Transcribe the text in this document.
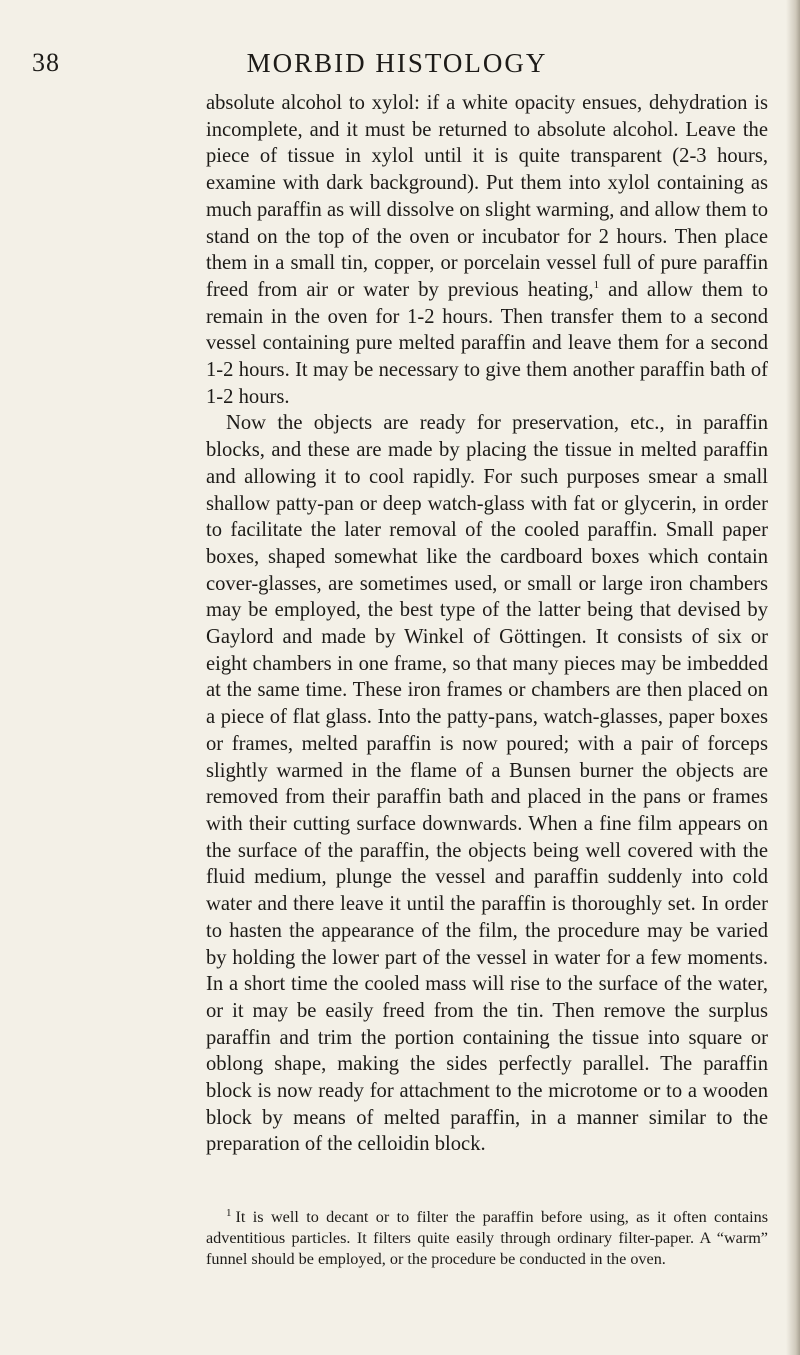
38	MORBID HISTOLOGY

absolute alcohol to xylol: if a white opacity ensues, dehydration is incomplete, and it must be returned to absolute alcohol. Leave the piece of tissue in xylol until it is quite transparent (2-3 hours, examine with dark background). Put them into xylol containing as much paraffin as will dissolve on slight warming, and allow them to stand on the top of the oven or incubator for 2 hours. Then place them in a small tin, copper, or porcelain vessel full of pure paraffin freed from air or water by previous heating,$^1$ and allow them to remain in the oven for 1-2 hours. Then transfer them to a second vessel containing pure melted paraffin and leave them for a second 1-2 hours. It may be necessary to give them another paraffin bath of 1-2 hours.

Now the objects are ready for preservation, etc., in paraffin blocks, and these are made by placing the tissue in melted paraffin and allowing it to cool rapidly. For such purposes smear a small shallow patty-pan or deep watch-glass with fat or glycerin, in order to facilitate the later removal of the cooled paraffin. Small paper boxes, shaped somewhat like the cardboard boxes which contain cover-glasses, are sometimes used, or small or large iron chambers may be employed, the best type of the latter being that devised by Gaylord and made by Winkel of Göttingen. It consists of six or eight chambers in one frame, so that many pieces may be imbedded at the same time. These iron frames or chambers are then placed on a piece of flat glass. Into the patty-pans, watch-glasses, paper boxes or frames, melted paraffin is now poured; with a pair of forceps slightly warmed in the flame of a Bunsen burner the objects are removed from their paraffin bath and placed in the pans or frames with their cutting surface downwards. When a fine film appears on the surface of the paraffin, the objects being well covered with the fluid medium, plunge the vessel and paraffin suddenly into cold water and there leave it until the paraffin is thoroughly set. In order to hasten the appearance of the film, the procedure may be varied by holding the lower part of the vessel in water for a few moments. In a short time the cooled mass will rise to the surface of the water, or it may be easily freed from the tin. Then remove the surplus paraffin and trim the portion containing the tissue into square or oblong shape, making the sides perfectly parallel. The paraffin block is now ready for attachment to the microtome or to a wooden block by means of melted paraffin, in a manner similar to the preparation of the celloidin block.

$^1$ It is well to decant or to filter the paraffin before using, as it often contains adventitious particles. It filters quite easily through ordinary filter-paper. A “warm” funnel should be employed, or the procedure be conducted in the oven.
